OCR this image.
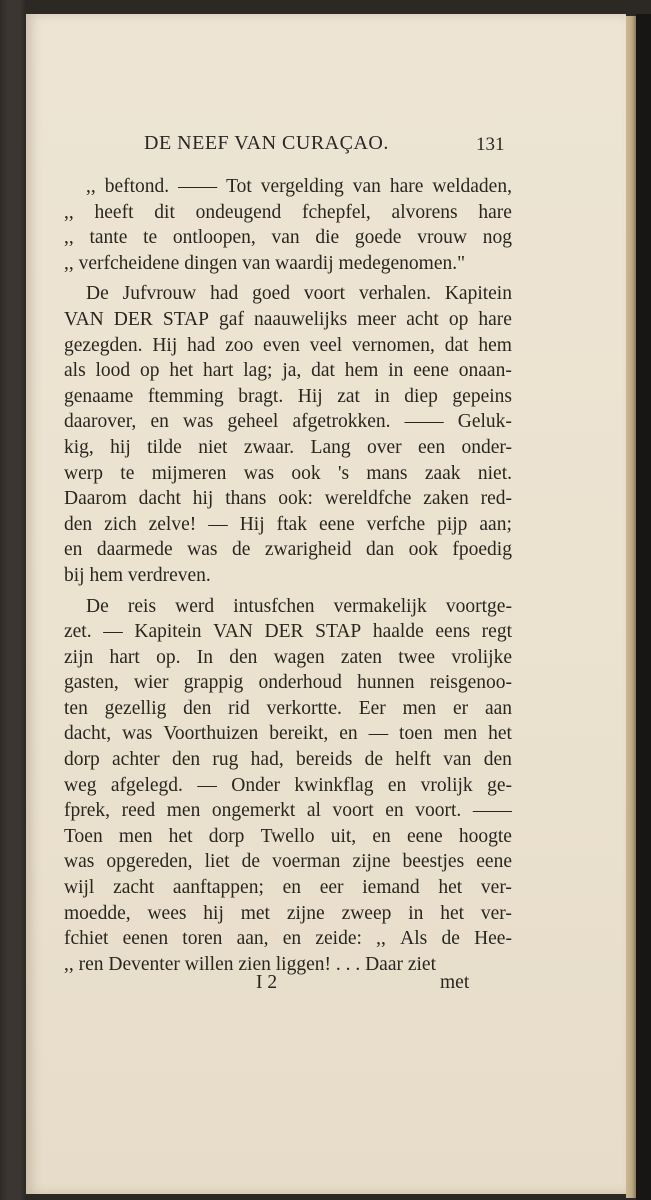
DE NEEF VAN CURAÇAO.	131
,, beftond. —— Tot vergelding van hare weldaden,
,, heeft dit ondeugend fchepfel, alvorens hare
,, tante te ontloopen, van die goede vrouw nog
,, verfcheidene dingen van waardij medegenomen."
De Jufvrouw had goed voort verhalen. Kapitein
VAN DER STAP gaf naauwelijks meer acht op hare
gezegden. Hij had zoo even veel vernomen, dat hem
als lood op het hart lag; ja, dat hem in eene onaan-
genaame ftemming bragt. Hij zat in diep gepeins
daarover, en was geheel afgetrokken. —— Geluk-
kig, hij tilde niet zwaar. Lang over een onder-
werp te mijmeren was ook 's mans zaak niet.
Daarom dacht hij thans ook: wereldfche zaken red-
den zich zelve! — Hij ftak eene verfche pijp aan;
en daarmede was de zwarigheid dan ook fpoedig
bij hem verdreven.
De reis werd intusfchen vermakelijk voortge-
zet. — Kapitein VAN DER STAP haalde eens regt
zijn hart op. In den wagen zaten twee vrolijke
gasten, wier grappig onderhoud hunnen reisgenoo-
ten gezellig den rid verkortte. Eer men er aan
dacht, was Voorthuizen bereikt, en — toen men het
dorp achter den rug had, bereids de helft van den
weg afgelegd. — Onder kwinkflag en vrolijk ge-
fprek, reed men ongemerkt al voort en voort. ——
Toen men het dorp Twello uit, en eene hoogte
was opgereden, liet de voerman zijne beestjes eene
wijl zacht aanftappen; en eer iemand het ver-
moedde, wees hij met zijne zweep in het ver-
fchiet eenen toren aan, en zeide: ,, Als de Hee-
,, ren Deventer willen zien liggen! . . . Daar ziet
I 2	met
